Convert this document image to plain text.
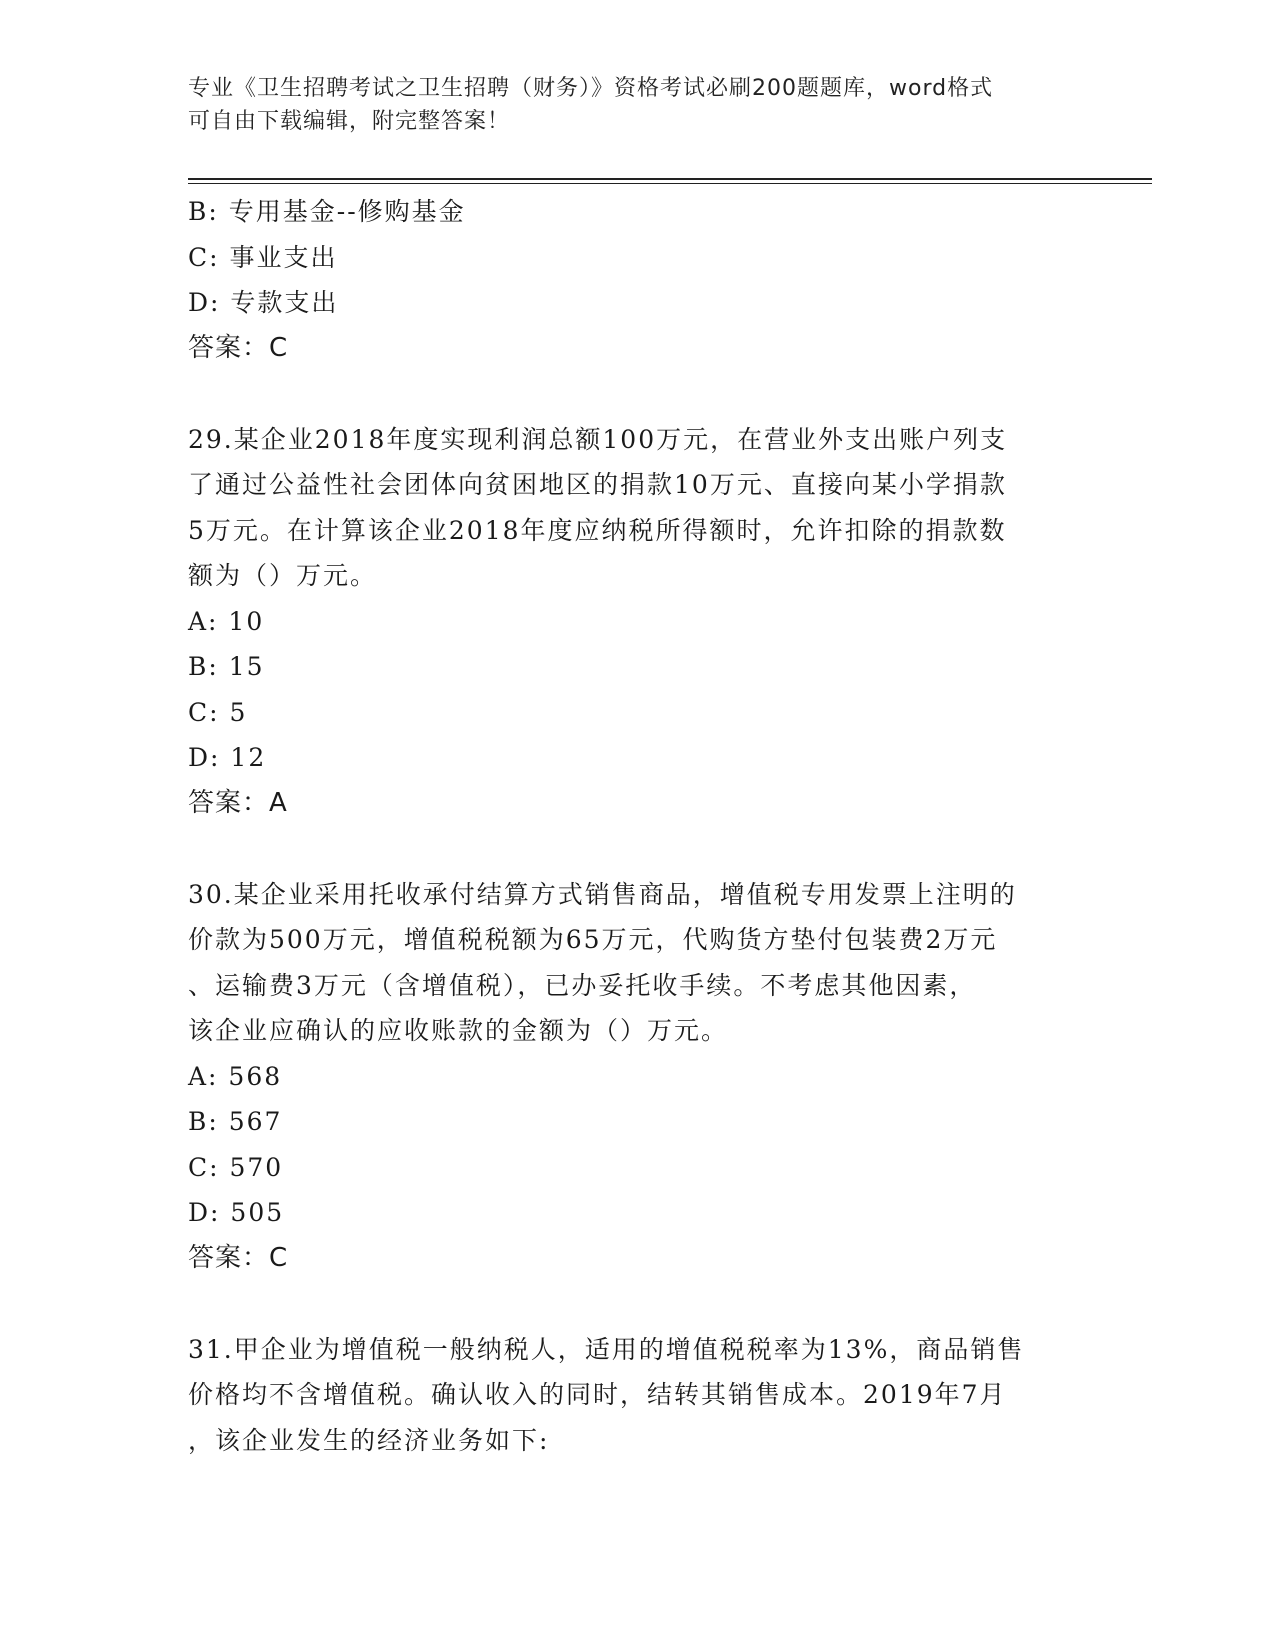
专业《卫生招聘考试之卫生招聘（财务）》资格考试必刷200题题库，word格式
可自由下载编辑，附完整答案！
B: 专用基金--修购基金
C: 事业支出
D: 专款支出
答案：C
29.某企业2018年度实现利润总额100万元，在营业外支出账户列支
了通过公益性社会团体向贫困地区的捐款10万元、直接向某小学捐款
5万元。在计算该企业2018年度应纳税所得额时，允许扣除的捐款数
额为（）万元。
A: 10
B: 15
C: 5
D: 12
答案：A
30.某企业采用托收承付结算方式销售商品，增值税专用发票上注明的
价款为500万元，增值税税额为65万元，代购货方垫付包装费2万元
、运输费3万元（含增值税），已办妥托收手续。不考虑其他因素，
该企业应确认的应收账款的金额为（）万元。
A: 568
B: 567
C: 570
D: 505
答案：C
31.甲企业为增值税一般纳税人，适用的增值税税率为13%，商品销售
价格均不含增值税。确认收入的同时，结转其销售成本。2019年7月
，该企业发生的经济业务如下:
